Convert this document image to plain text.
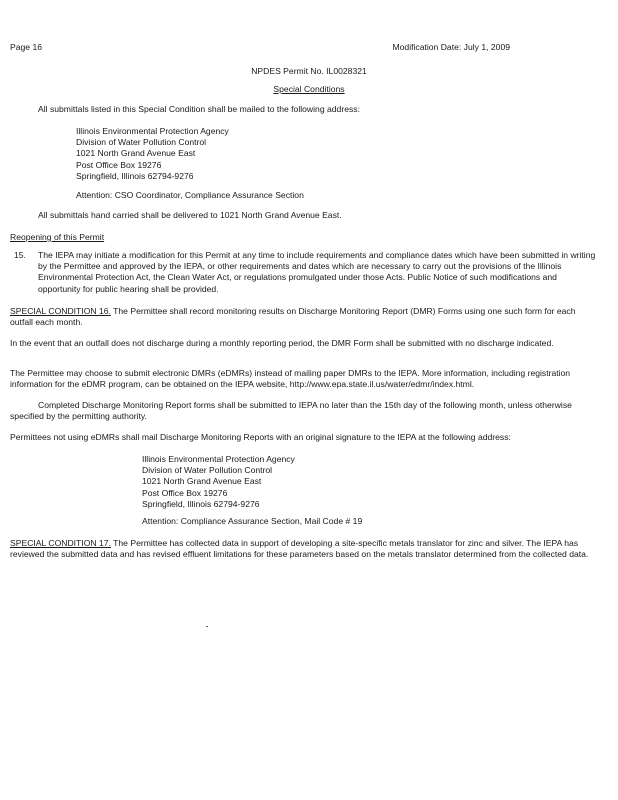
Page 16	Modification Date: July 1, 2009
NPDES Permit No. IL0028321
Special Conditions

All submittals listed in this Special Condition shall be mailed to the following address:

Illinois Environmental Protection Agency
Division of Water Pollution Control
1021 North Grand Avenue East
Post Office Box 19276
Springfield, Illinois 62794-9276
Attention: CSO Coordinator, Compliance Assurance Section

All submittals hand carried shall be delivered to 1021 North Grand Avenue East.

Reopening of this Permit
15. The IEPA may initiate a modification for this Permit at any time to include requirements and compliance dates which have been submitted in writing by the Permittee and approved by the IEPA, or other requirements and dates which are necessary to carry out the provisions of the Illinois Environmental Protection Act, the Clean Water Act, or regulations promulgated under those Acts. Public Notice of such modifications and opportunity for public hearing shall be provided.

SPECIAL CONDITION 16. The Permittee shall record monitoring results on Discharge Monitoring Report (DMR) Forms using one such form for each outfall each month.

In the event that an outfall does not discharge during a monthly reporting period, the DMR Form shall be submitted with no discharge indicated.

The Permittee may choose to submit electronic DMRs (eDMRs) instead of mailing paper DMRs to the IEPA. More information, including registration information for the eDMR program, can be obtained on the IEPA website, http://www.epa.state.il.us/water/edmr/index.html.

Completed Discharge Monitoring Report forms shall be submitted to IEPA no later than the 15th day of the following month, unless otherwise specified by the permitting authority.

Permittees not using eDMRs shall mail Discharge Monitoring Reports with an original signature to the IEPA at the following address:

Illinois Environmental Protection Agency
Division of Water Pollution Control
1021 North Grand Avenue East
Post Office Box 19276
Springfield, Illinois 62794-9276
Attention: Compliance Assurance Section, Mail Code # 19

SPECIAL CONDITION 17. The Permittee has collected data in support of developing a site-specific metals translator for zinc and silver. The IEPA has reviewed the submitted data and has revised effluent limitations for these parameters based on the metals translator determined from the collected data.
